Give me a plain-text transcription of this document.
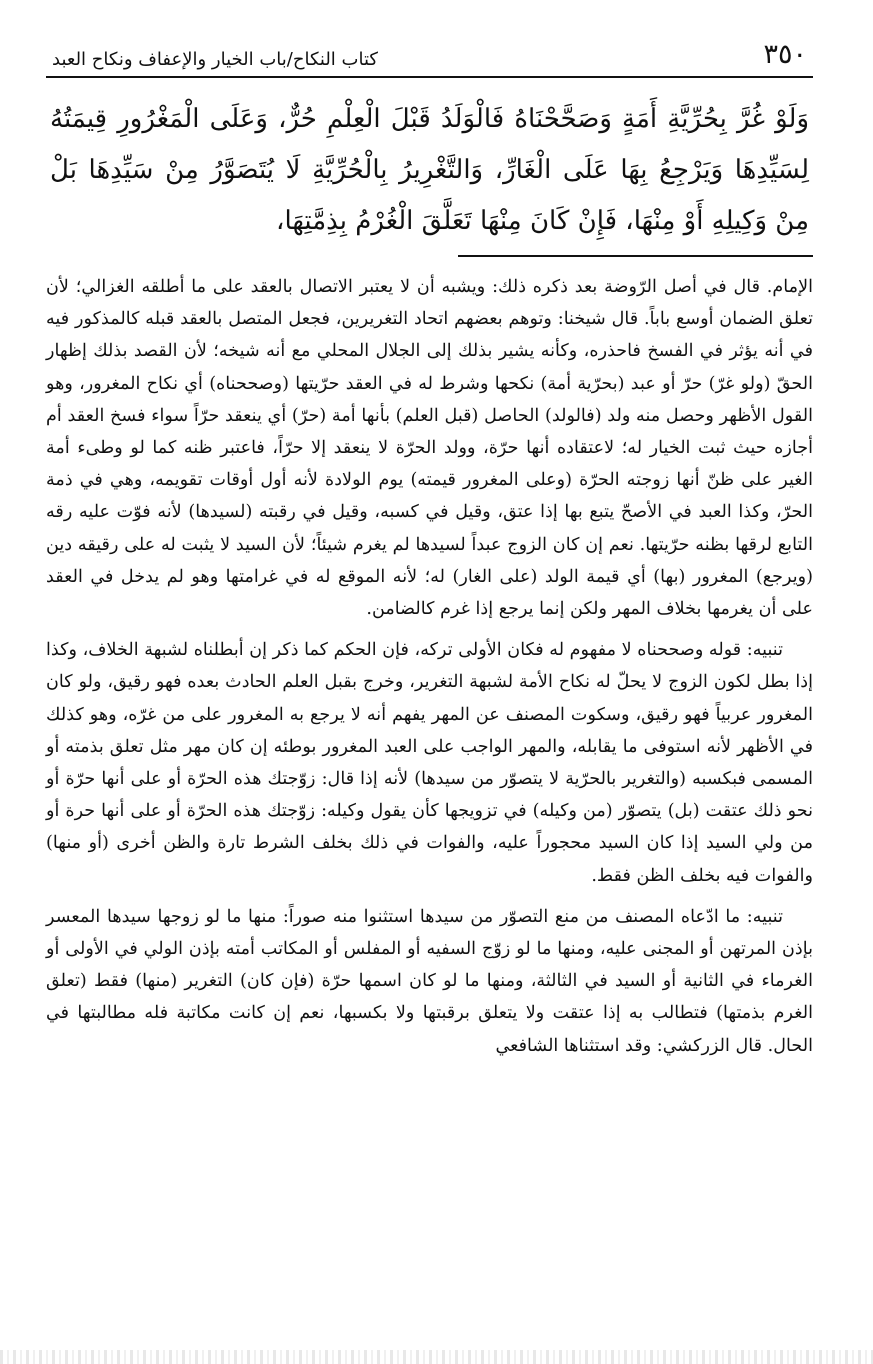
٣٥٠
كتاب النكاح/باب الخيار والإعفاف ونكاح العبد

وَلَوْ غُرَّ بِحُرِّيَّةِ أَمَةٍ وَصَحَّحْنَاهُ فَالْوَلَدُ قَبْلَ الْعِلْمِ حُرٌّ، وَعَلَى الْمَغْرُورِ قِيمَتُهُ لِسَيِّدِهَا وَيَرْجِعُ بِهَا عَلَى الْغَارِّ، وَالتَّغْرِيرُ بِالْحُرِّيَّةِ لَا يُتَصَوَّرُ مِنْ سَيِّدِهَا بَلْ مِنْ وَكِيلِهِ أَوْ مِنْهَا، فَإِنْ كَانَ مِنْهَا تَعَلَّقَ الْغُرْمُ بِذِمَّتِهَا،

الإمام. قال في أصل الرّوضة بعد ذكره ذلك: ويشبه أن لا يعتبر الاتصال بالعقد على ما أطلقه الغزالي؛ لأن تعلق الضمان أوسع باباً. قال شيخنا: وتوهم بعضهم اتحاد التغريرين، فجعل المتصل بالعقد قبله كالمذكور فيه في أنه يؤثر في الفسخ فاحذره، وكأنه يشير بذلك إلى الجلال المحلي مع أنه شيخه؛ لأن القصد بذلك إظهار الحقّ (ولو غرّ) حرّ أو عبد (بحرّية أمة) نكحها وشرط له في العقد حرّيتها (وصححناه) أي نكاح المغرور، وهو القول الأظهر وحصل منه ولد (فالولد) الحاصل (قبل العلم) بأنها أمة (حرّ) أي ينعقد حرّاً سواء فسخ العقد أم أجازه حيث ثبت الخيار له؛ لاعتقاده أنها حرّة، وولد الحرّة لا ينعقد إلا حرّاً، فاعتبر ظنه كما لو وطىء أمة الغير على ظنّ أنها زوجته الحرّة (وعلى المغرور قيمته) يوم الولادة لأنه أول أوقات تقويمه، وهي في ذمة الحرّ، وكذا العبد في الأصحّ يتبع بها إذا عتق، وقيل في كسبه، وقيل في رقبته (لسيدها) لأنه فوّت عليه رقه التابع لرقها بظنه حرّيتها. نعم إن كان الزوج عبداً لسيدها لم يغرم شيئاً؛ لأن السيد لا يثبت له على رقيقه دين (ويرجع) المغرور (بها) أي قيمة الولد (على الغار) له؛ لأنه الموقع له في غرامتها وهو لم يدخل في العقد على أن يغرمها بخلاف المهر ولكن إنما يرجع إذا غرم كالضامن.

تنبيه: قوله وصححناه لا مفهوم له فكان الأولى تركه، فإن الحكم كما ذكر إن أبطلناه لشبهة الخلاف، وكذا إذا بطل لكون الزوج لا يحلّ له نكاح الأمة لشبهة التغرير، وخرج بقبل العلم الحادث بعده فهو رقيق، ولو كان المغرور عربياً فهو رقيق، وسكوت المصنف عن المهر يفهم أنه لا يرجع به المغرور على من غرّه، وهو كذلك في الأظهر لأنه استوفى ما يقابله، والمهر الواجب على العبد المغرور بوطئه إن كان مهر مثل تعلق بذمته أو المسمى فبكسبه (والتغرير بالحرّية لا يتصوّر من سيدها) لأنه إذا قال: زوّجتك هذه الحرّة أو على أنها حرّة أو نحو ذلك عتقت (بل) يتصوّر (من وكيله) في تزويجها كأن يقول وكيله: زوّجتك هذه الحرّة أو على أنها حرة أو من ولي السيد إذا كان السيد محجوراً عليه، والفوات في ذلك بخلف الشرط تارة والظن أخرى (أو منها) والفوات فيه بخلف الظن فقط.

تنبيه: ما ادّعاه المصنف من منع التصوّر من سيدها استثنوا منه صوراً: منها ما لو زوجها سيدها المعسر بإذن المرتهن أو المجنى عليه، ومنها ما لو زوّج السفيه أو المفلس أو المكاتب أمته بإذن الولي في الأولى أو الغرماء في الثانية أو السيد في الثالثة، ومنها ما لو كان اسمها حرّة (فإن كان) التغرير (منها) فقط (تعلق الغرم بذمتها) فتطالب به إذا عتقت ولا يتعلق برقبتها ولا بكسبها، نعم إن كانت مكاتبة فله مطالبتها في الحال. قال الزركشي: وقد استثناها الشافعي
